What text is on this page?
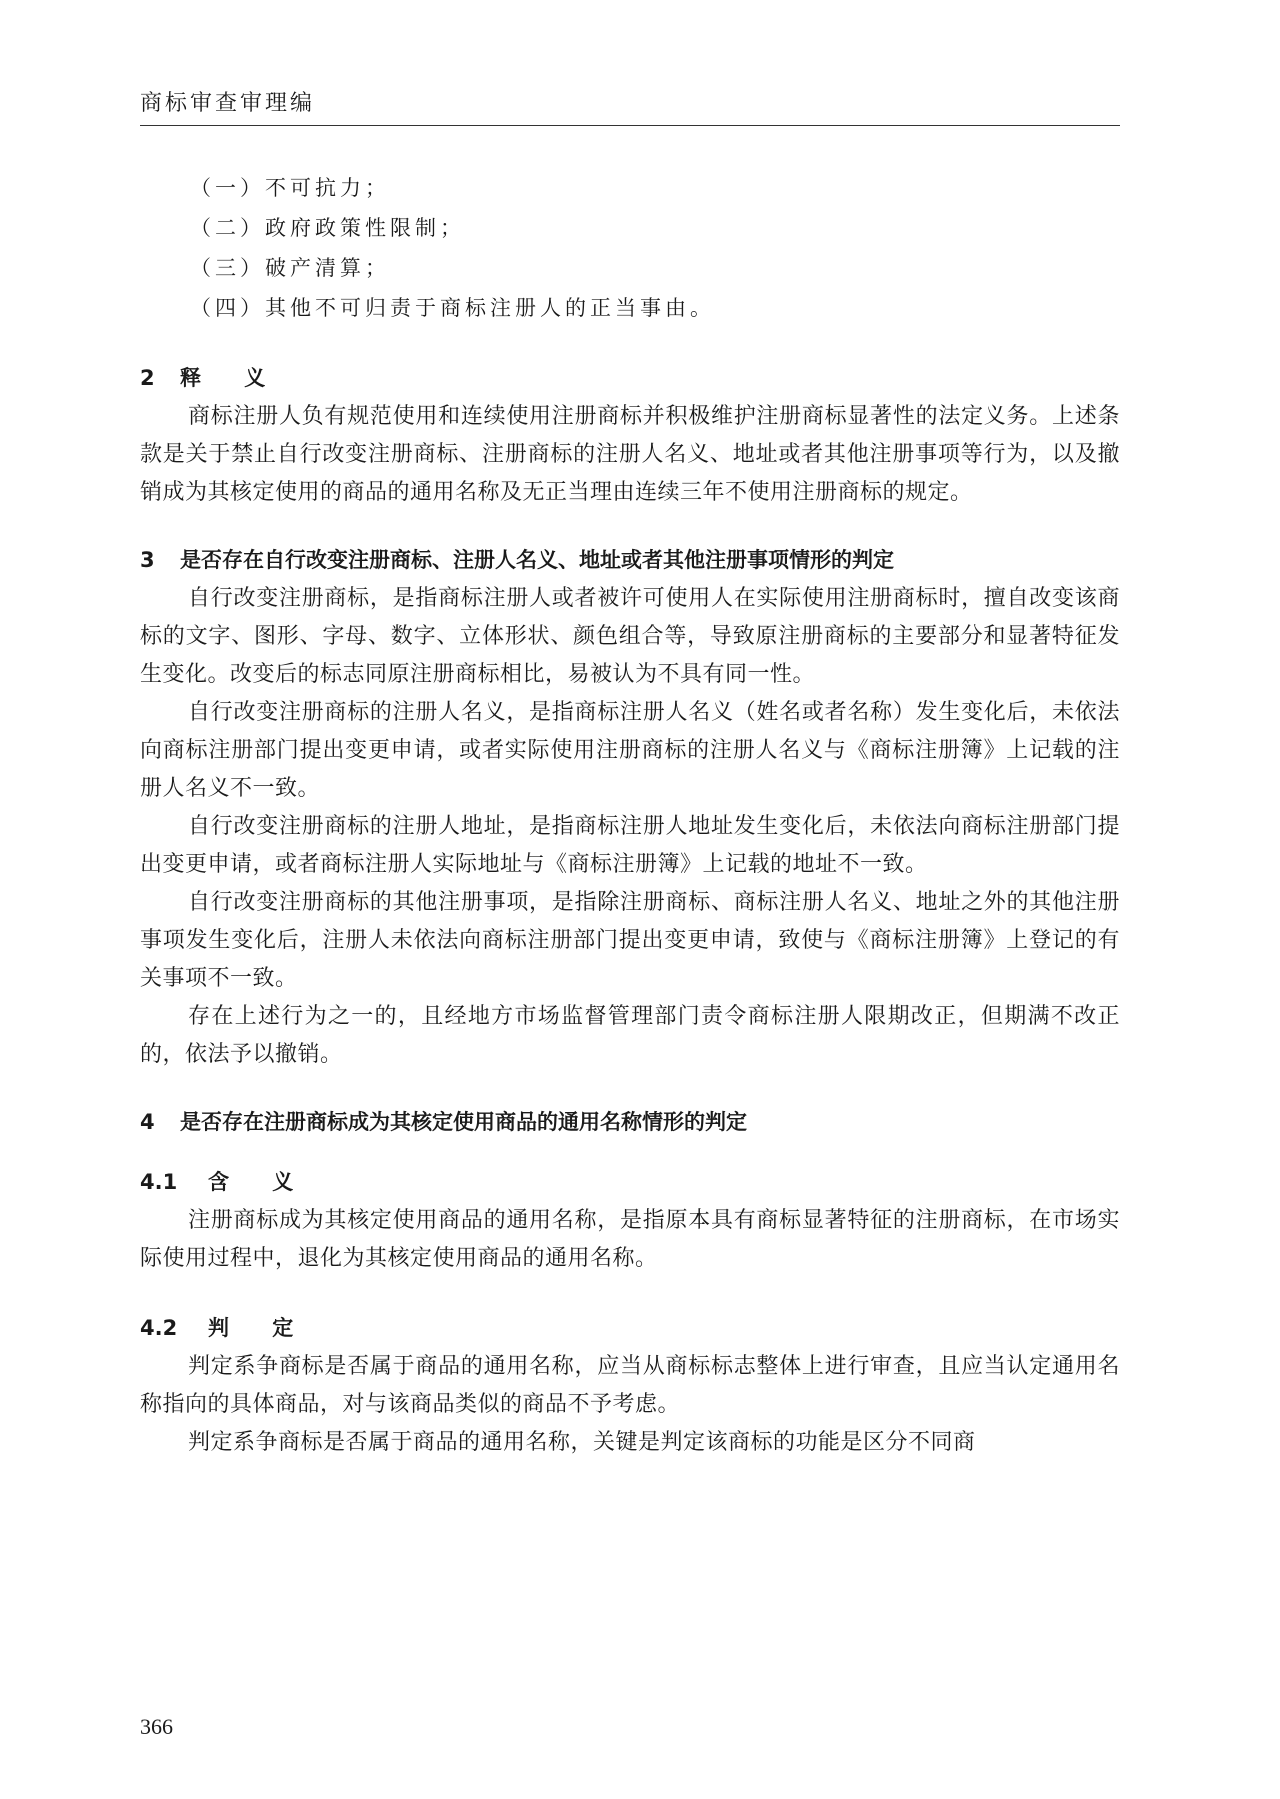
商标审查审理编
（一）不可抗力；
（二）政府政策性限制；
（三）破产清算；
（四）其他不可归责于商标注册人的正当事由。
2 释 义
商标注册人负有规范使用和连续使用注册商标并积极维护注册商标显著性的法定义务。上述条款是关于禁止自行改变注册商标、注册商标的注册人名义、地址或者其他注册事项等行为，以及撤销成为其核定使用的商品的通用名称及无正当理由连续三年不使用注册商标的规定。
3 是否存在自行改变注册商标、注册人名义、地址或者其他注册事项情形的判定
自行改变注册商标，是指商标注册人或者被许可使用人在实际使用注册商标时，擅自改变该商标的文字、图形、字母、数字、立体形状、颜色组合等，导致原注册商标的主要部分和显著特征发生变化。改变后的标志同原注册商标相比，易被认为不具有同一性。
自行改变注册商标的注册人名义，是指商标注册人名义（姓名或者名称）发生变化后，未依法向商标注册部门提出变更申请，或者实际使用注册商标的注册人名义与《商标注册簿》上记载的注册人名义不一致。
自行改变注册商标的注册人地址，是指商标注册人地址发生变化后，未依法向商标注册部门提出变更申请，或者商标注册人实际地址与《商标注册簿》上记载的地址不一致。
自行改变注册商标的其他注册事项，是指除注册商标、商标注册人名义、地址之外的其他注册事项发生变化后，注册人未依法向商标注册部门提出变更申请，致使与《商标注册簿》上登记的有关事项不一致。
存在上述行为之一的，且经地方市场监督管理部门责令商标注册人限期改正，但期满不改正的，依法予以撤销。
4 是否存在注册商标成为其核定使用商品的通用名称情形的判定
4.1 含 义
注册商标成为其核定使用商品的通用名称，是指原本具有商标显著特征的注册商标，在市场实际使用过程中，退化为其核定使用商品的通用名称。
4.2 判 定
判定系争商标是否属于商品的通用名称，应当从商标标志整体上进行审查，且应当认定通用名称指向的具体商品，对与该商品类似的商品不予考虑。
判定系争商标是否属于商品的通用名称，关键是判定该商标的功能是区分不同商
366
